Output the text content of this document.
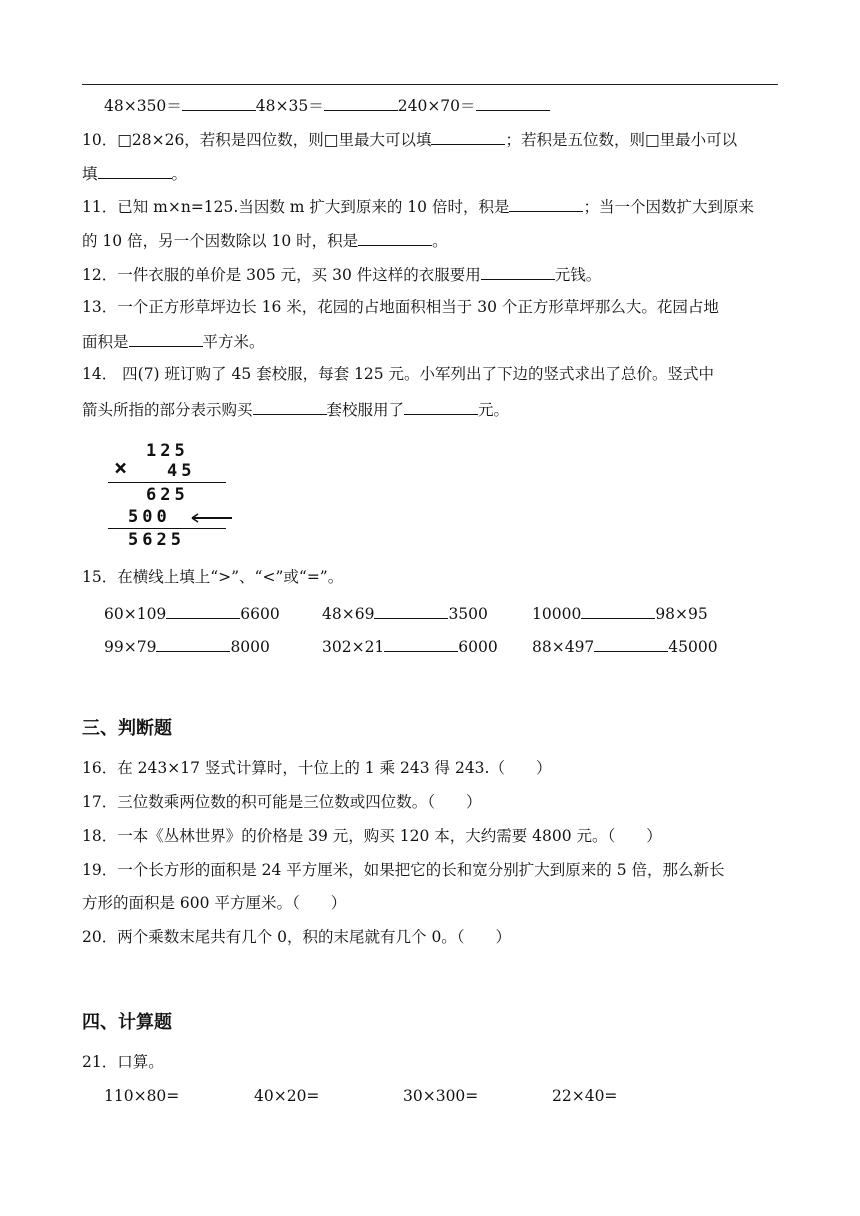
48×350＝	48×35＝	240×70＝
10．□28×26，若积是四位数，则□里最大可以填	；若积是五位数，则□里最小可以
填	。
11．已知 m×n=125.当因数 m 扩大到原来的 10 倍时，积是	；当一个因数扩大到原来
的 10 倍，另一个因数除以 10 时，积是	。
12．一件衣服的单价是 305 元，买 30 件这样的衣服要用	元钱。
13．一个正方形草坪边长 16 米，花园的占地面积相当于 30 个正方形草坪那么大。花园占地
面积是	平方米。
14． 四(7) 班订购了 45 套校服，每套 125 元。小军列出了下边的竖式求出了总价。竖式中
箭头所指的部分表示购买	套校服用了	元。
125
× 45
625
500
5625
15．在横线上填上“>”、“<”或“=”。
60×109	6600	48×69	3500	10000	98×95
99×79	8000	302×21	6000 88×497	45000
三、判断题
16．在 243×17 竖式计算时，十位上的 1 乘 243 得 243.（　　）
17．三位数乘两位数的积可能是三位数或四位数。（　　）
18．一本《丛林世界》的价格是 39 元，购买 120 本，大约需要 4800 元。（　　）
19．一个长方形的面积是 24 平方厘米，如果把它的长和宽分别扩大到原来的 5 倍，那么新长
方形的面积是 600 平方厘米。（　　）
20．两个乘数末尾共有几个 0，积的末尾就有几个 0。（　　）
四、计算题
21．口算。
110×80=	40×20=	30×300=	22×40=
